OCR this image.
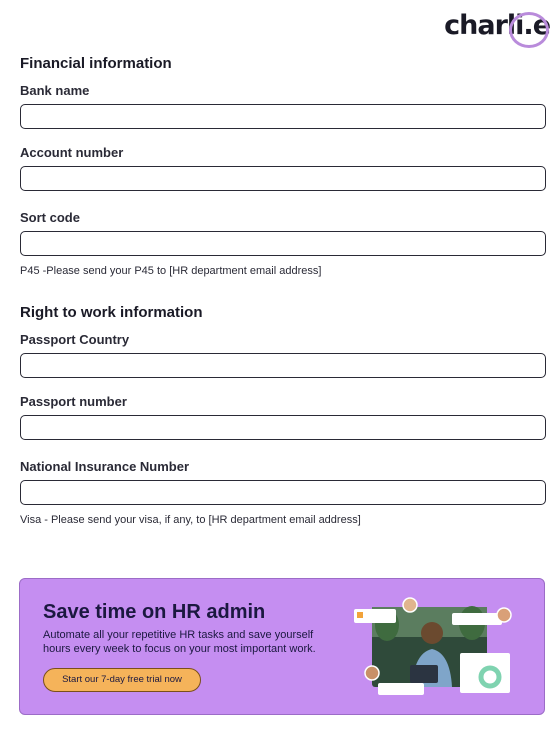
charl
i.e
Financial information
Bank name
Account number
Sort code
P45 -Please send your P45 to [HR department email address]
Right to work information
Passport Country
Passport number
National Insurance Number
Visa - Please send your visa, if any, to [HR department email address]
Save time on HR admin
Automate all your repetitive HR tasks and save yourself hours every week to focus on your most important work.
Start our 7-day free trial now
